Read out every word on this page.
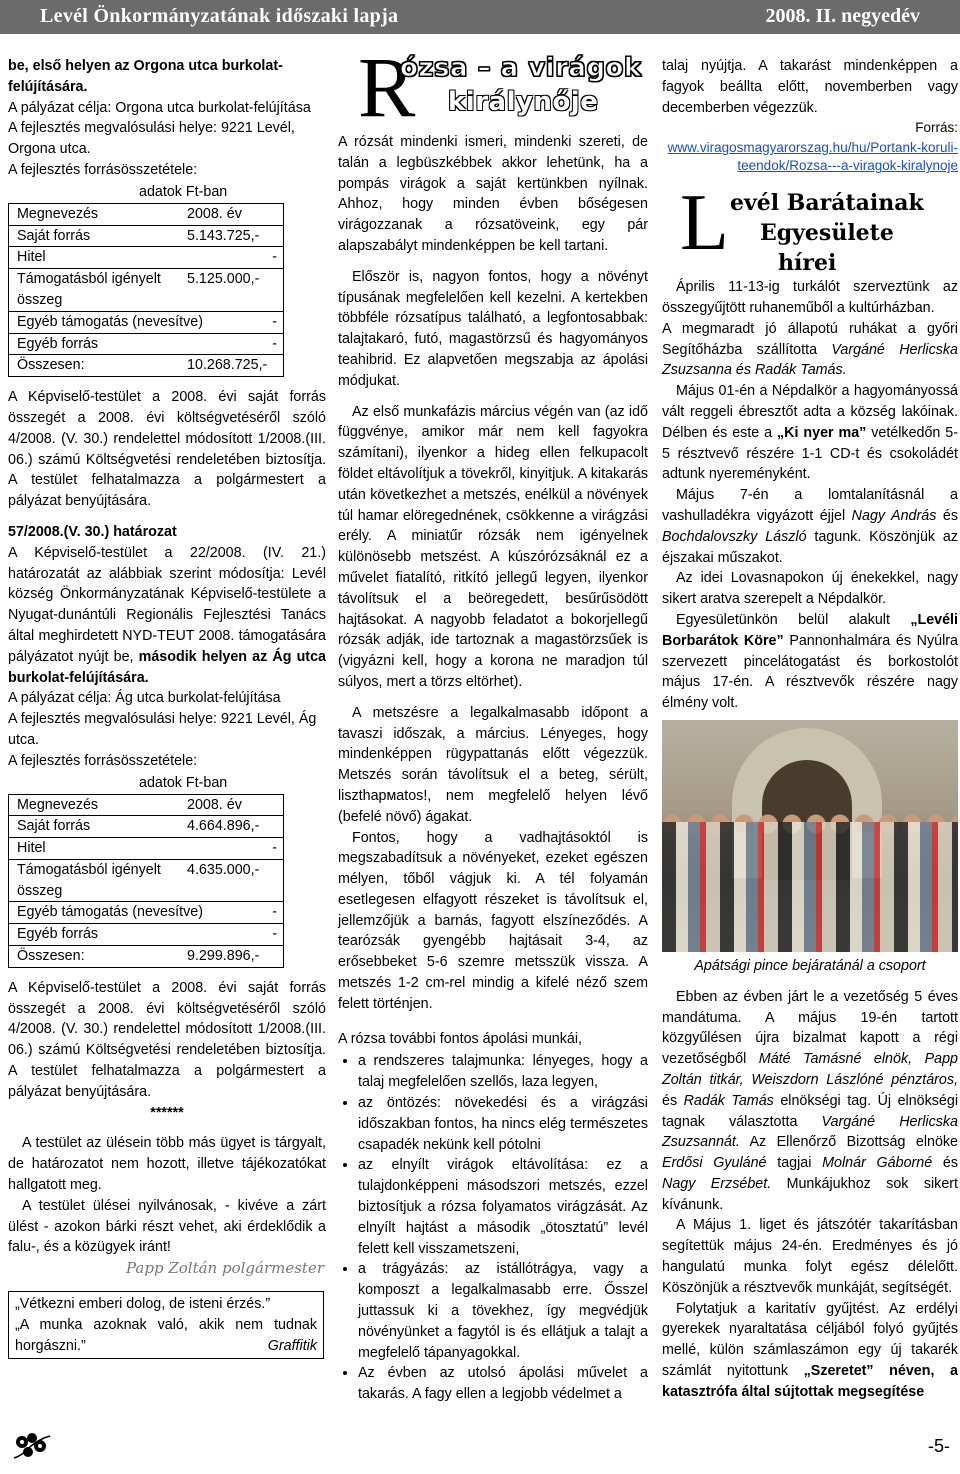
Levél Önkormányzatának időszaki lapja	2008. II. negyedév

be, első helyen az Orgona utca burkolat-felújítására.

A pályázat célja: Orgona utca burkolat-felújítása

A fejlesztés megvalósulási helye: 9221 Levél, Orgona utca.

A fejlesztés forrásösszetétele:

adatok Ft-ban
Megnevezés	2008. év
Saját forrás	5.143.725,-
Hitel	-
Támogatásból igényelt összeg
5.125.000,-
Egyéb támogatás (nevesítve)	-
Egyéb forrás	-
Összesen:	10.268.725,-

A Képviselő-testület a 2008. évi saját forrás összegét a 2008. évi költségvetéséről szóló 4/2008. (V. 30.) rendelettel módosított 1/2008.(III. 06.) számú Költségvetési rendeletében biztosítja. A testület felhatalmazza a polgármestert a pályázat benyújtására.

57/2008.(V. 30.) határozat

A Képviselő-testület a 22/2008. (IV. 21.) határozatát az alábbiak szerint módosítja: Levél község Önkormányzatának Képviselő-testülete a Nyugat-dunántúli Regionális Fejlesztési Tanács által meghirdetett NYD-TEUT 2008. támogatására pályázatot nyújt be, második helyen az Ág utca burkolat-felújítására.

A pályázat célja: Ág utca burkolat-felújítása

A fejlesztés megvalósulási helye: 9221 Levél, Ág utca.

A fejlesztés forrásösszetétele:

adatok Ft-ban
Megnevezés	2008. év
Saját forrás	4.664.896,-
Hitel	-
Támogatásból igényelt összeg
4.635.000,-
Egyéb támogatás (nevesítve)	-
Egyéb forrás	-
Összesen:	9.299.896,-

A Képviselő-testület a 2008. évi saját forrás összegét a 2008. évi költségvetéséről szóló 4/2008. (V. 30.) rendelettel módosított 1/2008.(III. 06.) számú Költségvetési rendeletében biztosítja. A testület felhatalmazza a polgármestert a pályázat benyújtására.

******

A testület az ülésein több más ügyet is tárgyalt, de határozatot nem hozott, illetve tájékozatókat hallgatott meg.

A testület ülései nyilvánosak, - kivéve a zárt ülést - azokon bárki részt vehet, aki érdeklődik a falu-, és a közügyek iránt!

Papp Zoltán polgármester

„Vétkezni emberi dolog, de isteni érzés.”

„A munka azoknak való, akik nem tudnak horgászni.”	Graffitik

R
ózsa – a virágok
királynője

A rózsát mindenki ismeri, mindenki szereti, de talán a legbüszkébbek akkor lehetünk, ha a pompás virágok a saját kertünkben nyílnak. Ahhoz, hogy minden évben bőségesen virágozzanak a rózsatöveink, egy pár alapszabályt mindenképpen be kell tartani.

Először is, nagyon fontos, hogy a növényt típusának megfelelően kell kezelni. A kertekben többféle rózsatípus található, a legfontosabbak: talajtakaró, futó, magastörzsű és hagyományos teahibrid. Ez alapvetően megszabja az ápolási módjukat.

Az első munkafázis március végén van (az idő függvénye, amikor már nem kell fagyokra számítani), ilyenkor a hideg ellen felkupacolt földet eltávolítjuk a tövekről, kinyitjuk. A kitakarás után következhet a metszés, enélkül a növények túl hamar elöregednének, csökkenne a virágzási erély. A miniatűr rózsák nem igényelnek különösebb metszést. A kúszórózsáknál ez a művelet fiatalító, ritkító jellegű legyen, ilyenkor távolítsuk el a beöregedett, besűrűsödött hajtásokat. A nagyobb feladatot a bokorjellegű rózsák adják, ide tartoznak a magastörzsűek is (vigyázni kell, hogy a korona ne maradjon túl súlyos, mert a törzs eltörhet).

A metszésre a legalkalmasabb időpont a tavaszi időszak, a március. Lényeges, hogy mindenképpen rügypattanás előtt végezzük. Metszés során távolítsuk el a beteg, sérült, liszthармatos!, nem megfelelő helyen lévő (befelé növő) ágakat.

Fontos, hogy a vadhajtásoktól is megszabadítsuk a növényeket, ezeket egészen mélyen, tőből vágjuk ki. A tél folyamán esetlegesen elfagyott részeket is távolítsuk el, jellemzőjük a barnás, fagyott elszíneződés. A tearózsák gyengébb hajtásait 3-4, az erősebbeket 5-6 szemre metsszük vissza. A metszés 1-2 cm-rel mindig a kifelé néző szem felett történjen.

A rózsa további fontos ápolási munkái,

• a rendszeres talajmunka: lényeges, hogy a talaj megfelelően szellős, laza legyen,
• az öntözés: növekedési és a virágzási időszakban fontos, ha nincs elég természetes csapadék nekünk kell pótolni
• az elnyílt virágok eltávolítása: ez a tulajdonképpeni másodszori metszés, ezzel biztosítjuk a rózsa folyamatos virágzását. Az elnyílt hajtást a második „ötosztatú” levél felett kell visszametszeni,
• a trágyázás: az istállótrágya, vagy a komposzt a legalkalmasabb erre. Ősszel juttassuk ki a tövekhez, így megvédjük növényünket a fagytól is és ellátjuk a talajt a megfelelő tápanyagokkal.
• Az évben az utolsó ápolási művelet a takarás. A fagy ellen a legjobb védelmet a

talaj nyújtja. A takarást mindenképpen a fagyok beállta előtt, novemberben vagy decemberben végezzük.

Forrás:

www.viragosmagyarorszag.hu/hu/Portank-koruli-teendok/Rozsa---a-viragok-kiralynoje

L evél Barátainak
Egyesülete
hírei

Április 11-13-ig turkálót szerveztünk az összegyűjtött ruhaneműből a kultúrházban.

A megmaradt jó állapotú ruhákat a győri Segítőházba szállította Vargáné Herlicska Zsuzsanna és Radák Tamás.

Május 01-én a Népdalkör a hagyományossá vált reggeli ébresztőt adta a község lakóinak. Délben és este a „Ki nyer ma” vetélkedőn 5-5 résztvevő részére 1-1 CD-t és csokoládét adtunk nyereményként.

Május 7-én a lomtalanításnál a vashulladékra vigyázott éjjel Nagy András és Bochdalovszky László tagunk. Köszönjük az éjszakai műszakot.

Az idei Lovasnapokon új énekekkel, nagy sikert aratva szerepelt a Népdalkör.

Egyesületünkön belül alakult „Levéli Borbarátok Köre” Pannonhalmára és Nyúlra szervezett pincelátogatást és borkostolót május 17-én. A résztvevők részére nagy élmény volt.

Apátsági pince bejáratánál a csoport

Ebben az évben járt le a vezetőség 5 éves mandátuma. A május 19-én tartott közgyűlésen újra bizalmat kapott a régi vezetőségből Máté Tamásné elnök, Papp Zoltán titkár, Weiszdorn Lászlóné pénztáros, és Radák Tamás elnökségi tag. Új elnökségi tagnak választotta Vargáné Herlicska Zsuzsannát. Az Ellenőrző Bizottság elnöke Erdősi Gyuláné tagjai Molnár Gáborné és Nagy Erzsébet. Munkájukhoz sok sikert kívánunk.

A Május 1. liget és játszótér takarításban segítettük május 24-én. Eredményes és jó hangulatú munka folyt egész délelőtt. Köszönjük a résztvevők munkáját, segítségét.

Folytatjuk a karitatív gyűjtést. Az erdélyi gyerekek nyaraltatása céljából folyó gyűjtés mellé, külön számlaszámon egy új takarék számlát nyitottunk „Szeretet” néven, a katasztrófa által sújtottak megsegítése

-5-
